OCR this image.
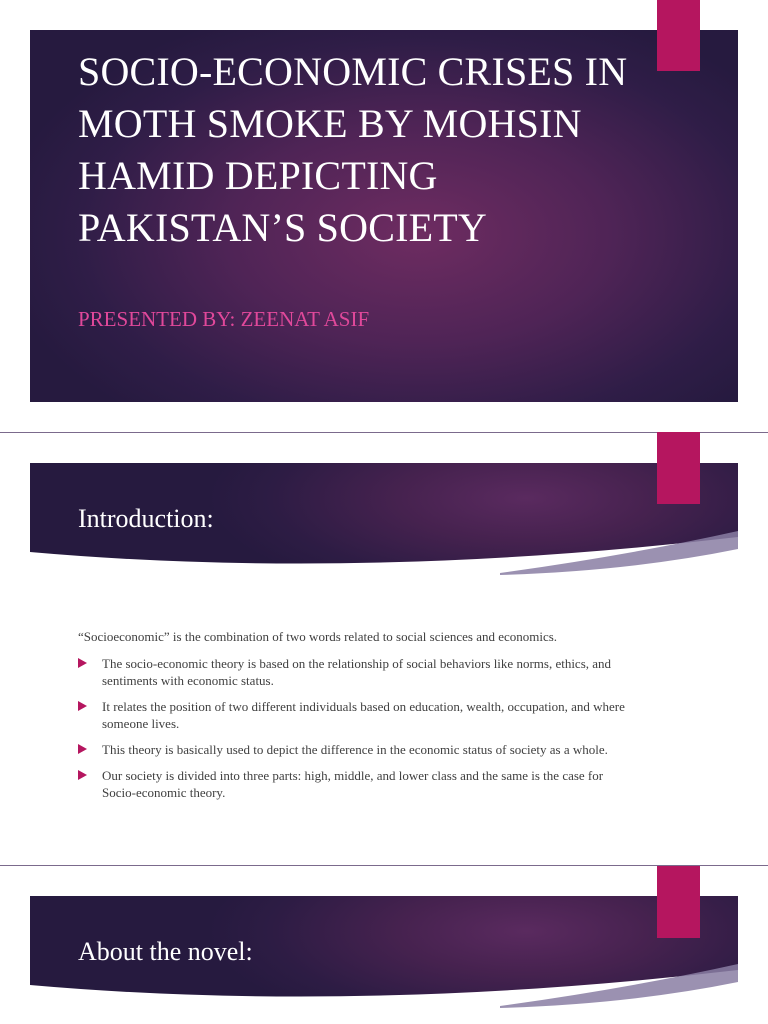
SOCIO-ECONOMIC CRISES IN MOTH SMOKE BY MOHSIN HAMID DEPICTING PAKISTAN’S SOCIETY
PRESENTED BY: ZEENAT ASIF
Introduction:

“Socioeconomic” is the combination of two words related to social sciences and economics.

The socio-economic theory is based on the relationship of social behaviors like norms, ethics, and sentiments with economic status.
It relates the position of two different individuals based on education, wealth, occupation, and where someone lives.
This theory is basically used to depict the difference in the economic status of society as a whole.
Our society is divided into three parts: high, middle, and lower class and the same is the case for Socio-economic theory.
About the novel:
